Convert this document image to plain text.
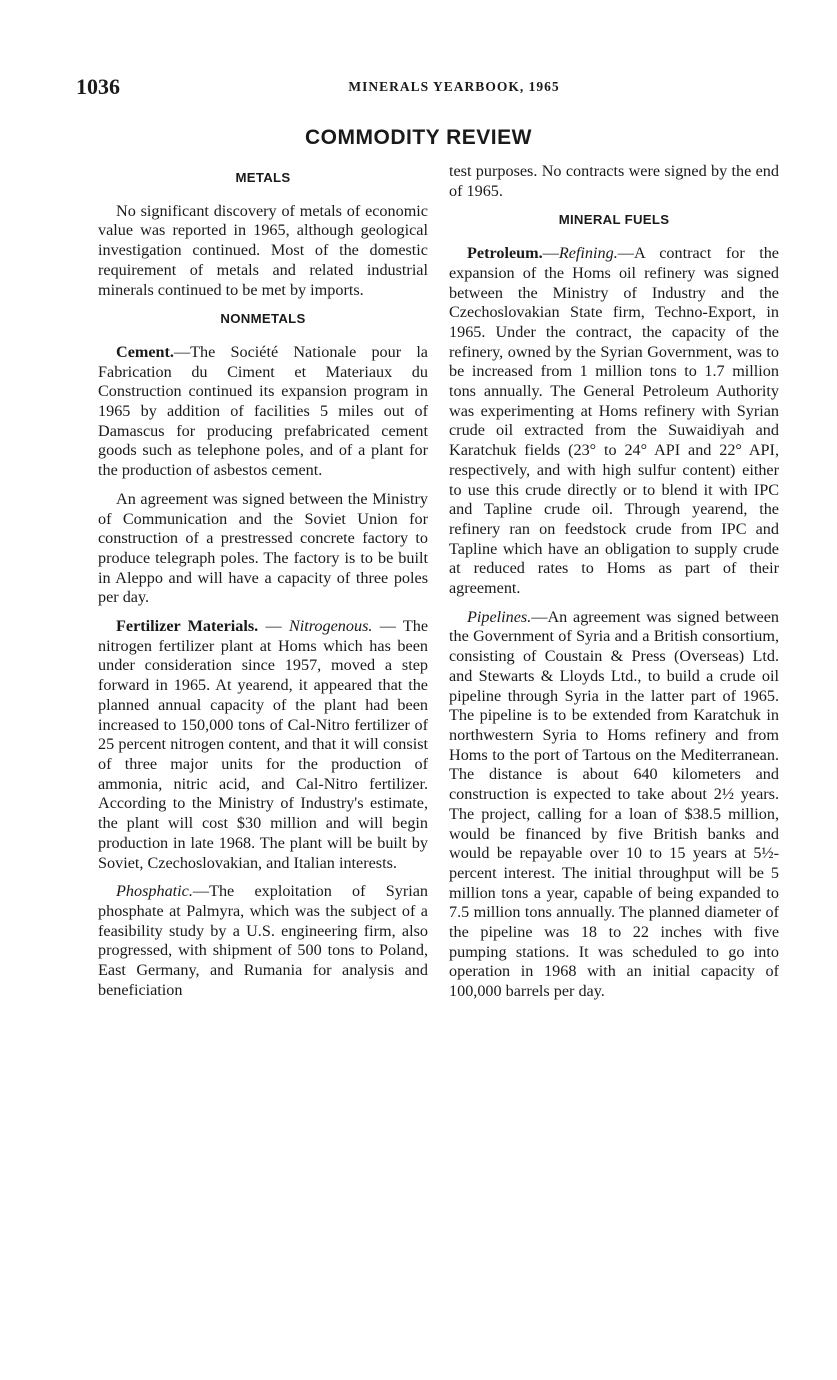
1036	MINERALS YEARBOOK, 1965
COMMODITY REVIEW
METALS

No significant discovery of metals of economic value was reported in 1965, although geological investigation continued. Most of the domestic requirement of metals and related industrial minerals continued to be met by imports.

NONMETALS

Cement.—The Société Nationale pour la Fabrication du Ciment et Materiaux du Construction continued its expansion program in 1965 by addition of facilities 5 miles out of Damascus for producing prefabricated cement goods such as telephone poles, and of a plant for the production of asbestos cement.

An agreement was signed between the Ministry of Communication and the Soviet Union for construction of a prestressed concrete factory to produce telegraph poles. The factory is to be built in Aleppo and will have a capacity of three poles per day.

Fertilizer Materials. — Nitrogenous. — The nitrogen fertilizer plant at Homs which has been under consideration since 1957, moved a step forward in 1965. At yearend, it appeared that the planned annual capacity of the plant had been increased to 150,000 tons of Cal-Nitro fertilizer of 25 percent nitrogen content, and that it will consist of three major units for the production of ammonia, nitric acid, and Cal-Nitro fertilizer. According to the Ministry of Industry's estimate, the plant will cost $30 million and will begin production in late 1968. The plant will be built by Soviet, Czechoslovakian, and Italian interests.

Phosphatic.—The exploitation of Syrian phosphate at Palmyra, which was the subject of a feasibility study by a U.S. engineering firm, also progressed, with shipment of 500 tons to Poland, East Germany, and Rumania for analysis and beneficiation

test purposes. No contracts were signed by the end of 1965.

MINERAL FUELS

Petroleum.—Refining.—A contract for the expansion of the Homs oil refinery was signed between the Ministry of Industry and the Czechoslovakian State firm, Techno-Export, in 1965. Under the contract, the capacity of the refinery, owned by the Syrian Government, was to be increased from 1 million tons to 1.7 million tons annually. The General Petroleum Authority was experimenting at Homs refinery with Syrian crude oil extracted from the Suwaidiyah and Karatchuk fields (23° to 24° API and 22° API, respectively, and with high sulfur content) either to use this crude directly or to blend it with IPC and Tapline crude oil. Through yearend, the refinery ran on feedstock crude from IPC and Tapline which have an obligation to supply crude at reduced rates to Homs as part of their agreement.

Pipelines.—An agreement was signed between the Government of Syria and a British consortium, consisting of Coustain & Press (Overseas) Ltd. and Stewarts & Lloyds Ltd., to build a crude oil pipeline through Syria in the latter part of 1965. The pipeline is to be extended from Karatchuk in northwestern Syria to Homs refinery and from Homs to the port of Tartous on the Mediterranean. The distance is about 640 kilometers and construction is expected to take about 2½ years. The project, calling for a loan of $38.5 million, would be financed by five British banks and would be repayable over 10 to 15 years at 5½-percent interest. The initial throughput will be 5 million tons a year, capable of being expanded to 7.5 million tons annually. The planned diameter of the pipeline was 18 to 22 inches with five pumping stations. It was scheduled to go into operation in 1968 with an initial capacity of 100,000 barrels per day.
